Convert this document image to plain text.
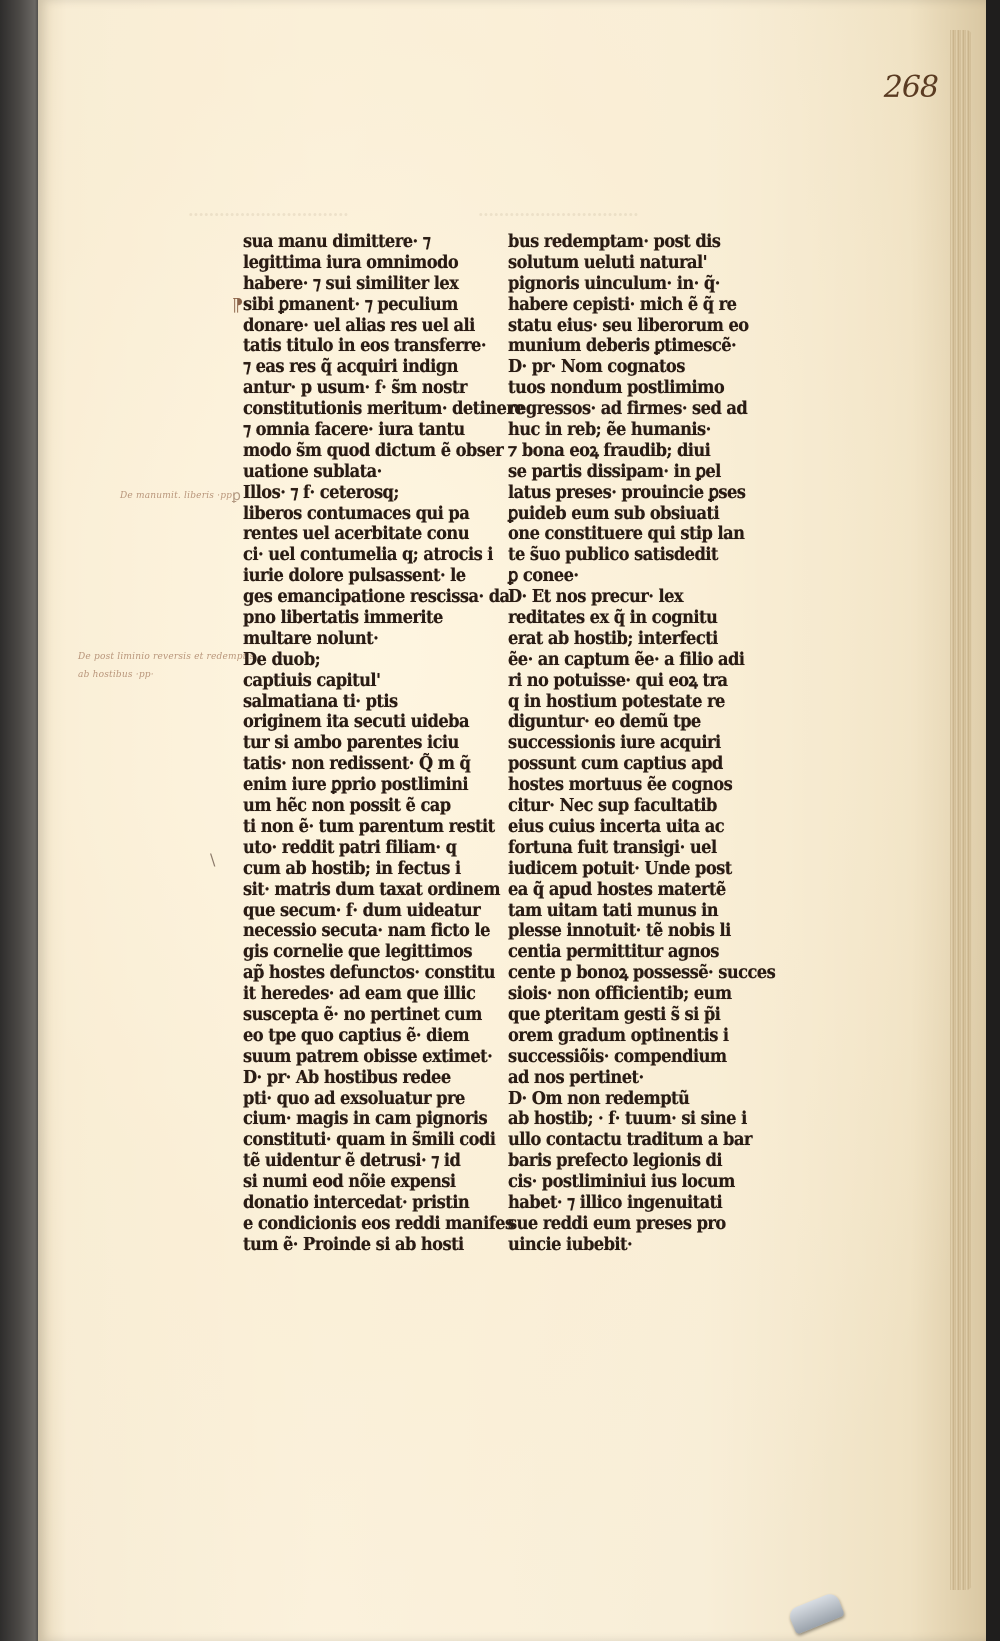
·······························	·······························
268
⁋
ꝑ
\
De manumit. liberis ·pp·
De post liminio reversis et redemptis
ab hostibus ·pp·
sua manu dimittere· ⁊
legittima iura omnimodo
habere· ⁊ sui similiter lex
sibi ꝑmanent· ⁊ peculium
donare· uel alias res uel ali
tatis titulo in eos transferre·
⁊ eas res q̃ acquiri indign
antur· p usum· f· s̃m nostr
constitutionis meritum· detinere
⁊ omnia facere· iura tantu
modo s̃m quod dictum ẽ obser
uatione sublata·
Illos· ⁊ f· ceterosq;
liberos contumaces qui pa
rentes uel acerbitate conu
ci· uel contumelia q; atrocis i
iurie dolore pulsassent· le
ges emancipatione rescissa· da
pno libertatis immerite
multare nolunt·
De duob;
captiuis capitul'
salmatiana ti· ptis
originem ita secuti uideba
tur si ambo parentes iciu
tatis· non redissent· Q̃ m q̃
enim iure ꝑprio postlimini
um hẽc non possit ẽ cap
ti non ẽ· tum parentum restit
uto· reddit patri filiam· q
cum ab hostib; in fectus i
sit· matris dum taxat ordinem
que secum· f· dum uideatur
necessio secuta· nam ficto le
gis cornelie que legittimos
ap̃ hostes defunctos· constitu
it heredes· ad eam que illic
suscepta ẽ· no pertinet cum
eo tpe quo captius ẽ· diem
suum patrem obisse extimet·
D· pr· Ab hostibus redee
pti· quo ad exsoluatur pre
cium· magis in cam pignoris
constituti· quam in s̃mili codi
tẽ uidentur ẽ detrusi· ⁊ id
si numi eod nõie expensi
donatio intercedat· pristin
e condicionis eos reddi manifes
tum ẽ· Proinde si ab hosti
bus redemptam· post dis
solutum ueluti natural'
pignoris uinculum· in· q̃·
habere cepisti· mich ẽ q̃ re
statu eius· seu liberorum eo
munium deberis ꝑtimescẽ·
D· pr· Nom cognatos
tuos nondum postlimimo
regressos· ad firmes· sed ad
huc in reb; ẽe humanis·
⁊ bona eoꝝ fraudib; diui
se partis dissipam· in ꝑel
latus preses· prouincie ꝑses
ꝑuideb eum sub obsiuati
one constituere qui stip lan
te s̃uo publico satisdedit
ꝑ conee·
D· Et nos precur· lex
reditates ex q̃ in cognitu
erat ab hostib; interfecti
ẽe· an captum ẽe· a filio adi
ri no potuisse· qui eoꝝ tra
q in hostium potestate re
diguntur· eo demũ tpe
successionis iure acquiri
possunt cum captius apd
hostes mortuus ẽe cognos
citur· Nec sup facultatib
eius cuius incerta uita ac
fortuna fuit transigi· uel
iudicem potuit· Unde post
ea q̃ apud hostes matertẽ
tam uitam tati munus in
plesse innotuit· tẽ nobis li
centia permittitur agnos
cente p bonoꝝ possessẽ· succes
siois· non officientib; eum
que ꝑteritam gesti s̃ si p̃i
orem gradum optinentis i
successiõis· compendium
ad nos pertinet·
D· Om non redemptũ
ab hostib; · f· tuum· si sine i
ullo contactu traditum a bar
baris prefecto legionis di
cis· postliminiui ius locum
habet· ⁊ illico ingenuitati
sue reddi eum preses pro
uincie iubebit·
